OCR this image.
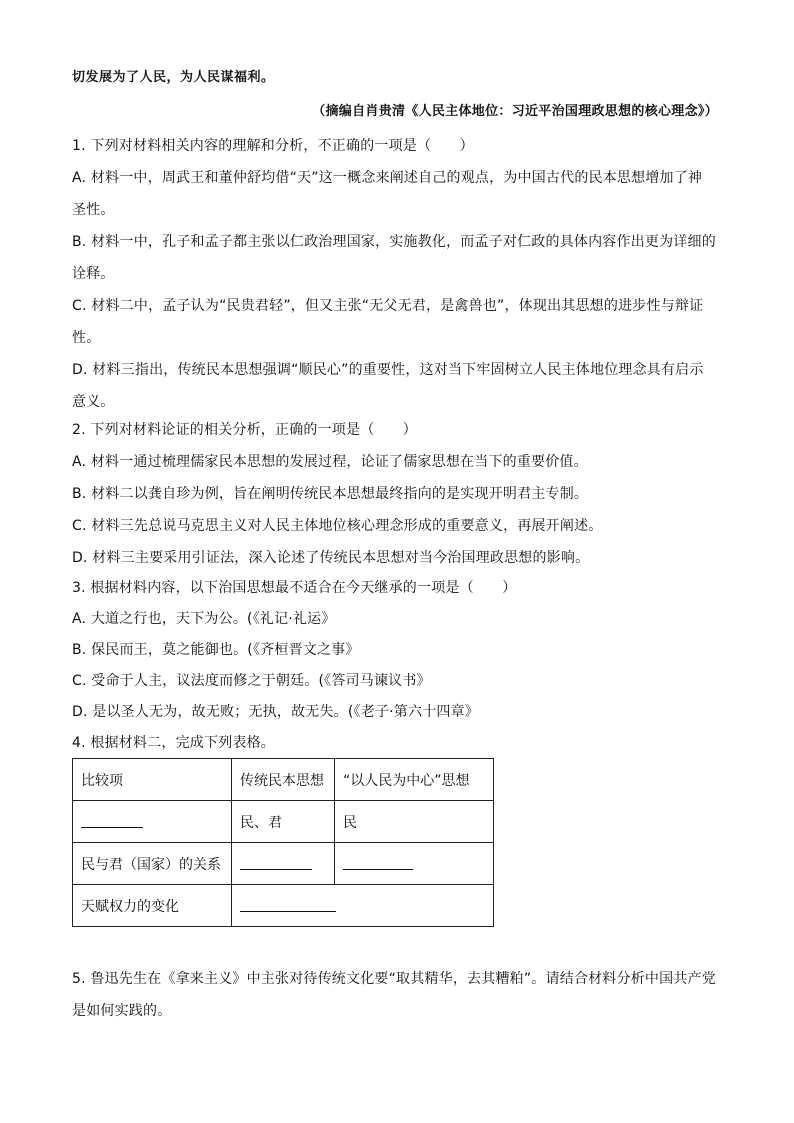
切发展为了人民，为人民谋福利。
（摘编自肖贵清《人民主体地位：习近平治国理政思想的核心理念》）
1. 下列对材料相关内容的理解和分析，不正确的一项是（　　）
A. 材料一中，周武王和董仲舒均借“天”这一概念来阐述自己的观点，为中国古代的民本思想增加了神
圣性。
B. 材料一中，孔子和孟子都主张以仁政治理国家，实施教化，而孟子对仁政的具体内容作出更为详细的
诠释。
C. 材料二中，孟子认为“民贵君轻”，但又主张“无父无君，是禽兽也”，体现出其思想的进步性与辩证
性。
D. 材料三指出，传统民本思想强调“顺民心”的重要性，这对当下牢固树立人民主体地位理念具有启示
意义。
2. 下列对材料论证的相关分析，正确的一项是（　　）
A. 材料一通过梳理儒家民本思想的发展过程，论证了儒家思想在当下的重要价值。
B. 材料二以龚自珍为例，旨在阐明传统民本思想最终指向的是实现开明君主专制。
C. 材料三先总说马克思主义对人民主体地位核心理念形成的重要意义，再展开阐述。
D. 材料三主要采用引证法，深入论述了传统民本思想对当今治国理政思想的影响。
3. 根据材料内容，以下治国思想最不适合在今天继承的一项是（　　）
A. 大道之行也，天下为公。(《礼记·礼运》
B. 保民而王，莫之能御也。(《齐桓晋文之事》
C. 受命于人主，议法度而修之于朝廷。(《答司马谏议书》
D. 是以圣人无为，故无败；无执，故无失。(《老子·第六十四章》
4. 根据材料二，完成下列表格。
比较项	传统民本思想	“以人民为中心”思想
	民、君	民
民与君（国家）的关系		
天赋权力的变化		
5. 鲁迅先生在《拿来主义》中主张对待传统文化要“取其精华，去其糟粕”。请结合材料分析中国共产党
是如何实践的。
